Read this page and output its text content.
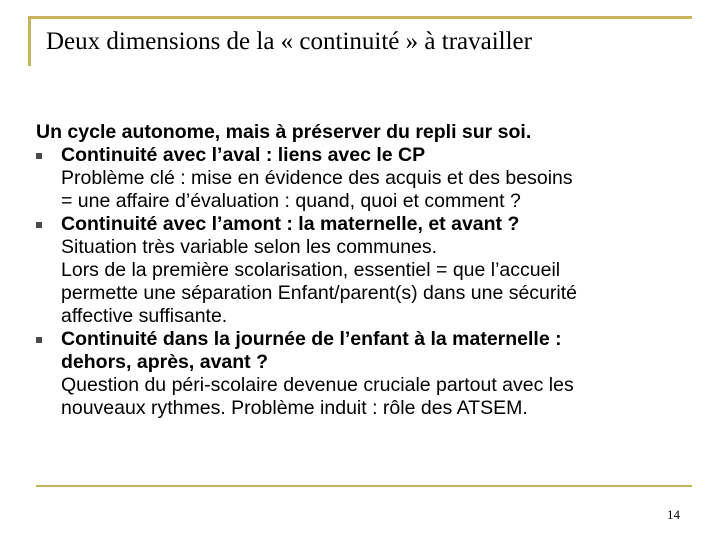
Deux dimensions de la « continuité » à travailler

Un cycle autonome, mais à préserver du repli sur soi.

Continuité avec l’aval : liens avec le CP
Problème clé : mise en évidence des acquis et des besoins
= une affaire d’évaluation : quand, quoi et comment ?
Continuité avec l’amont : la maternelle, et avant ?
Situation très variable selon les communes.
Lors de la première scolarisation, essentiel = que l’accueil
permette une séparation Enfant/parent(s) dans une sécurité
affective suffisante.
Continuité dans la journée de l’enfant à la maternelle :
dehors, après, avant ?
Question du péri-scolaire devenue cruciale partout avec les
nouveaux rythmes. Problème induit : rôle des ATSEM.
14
